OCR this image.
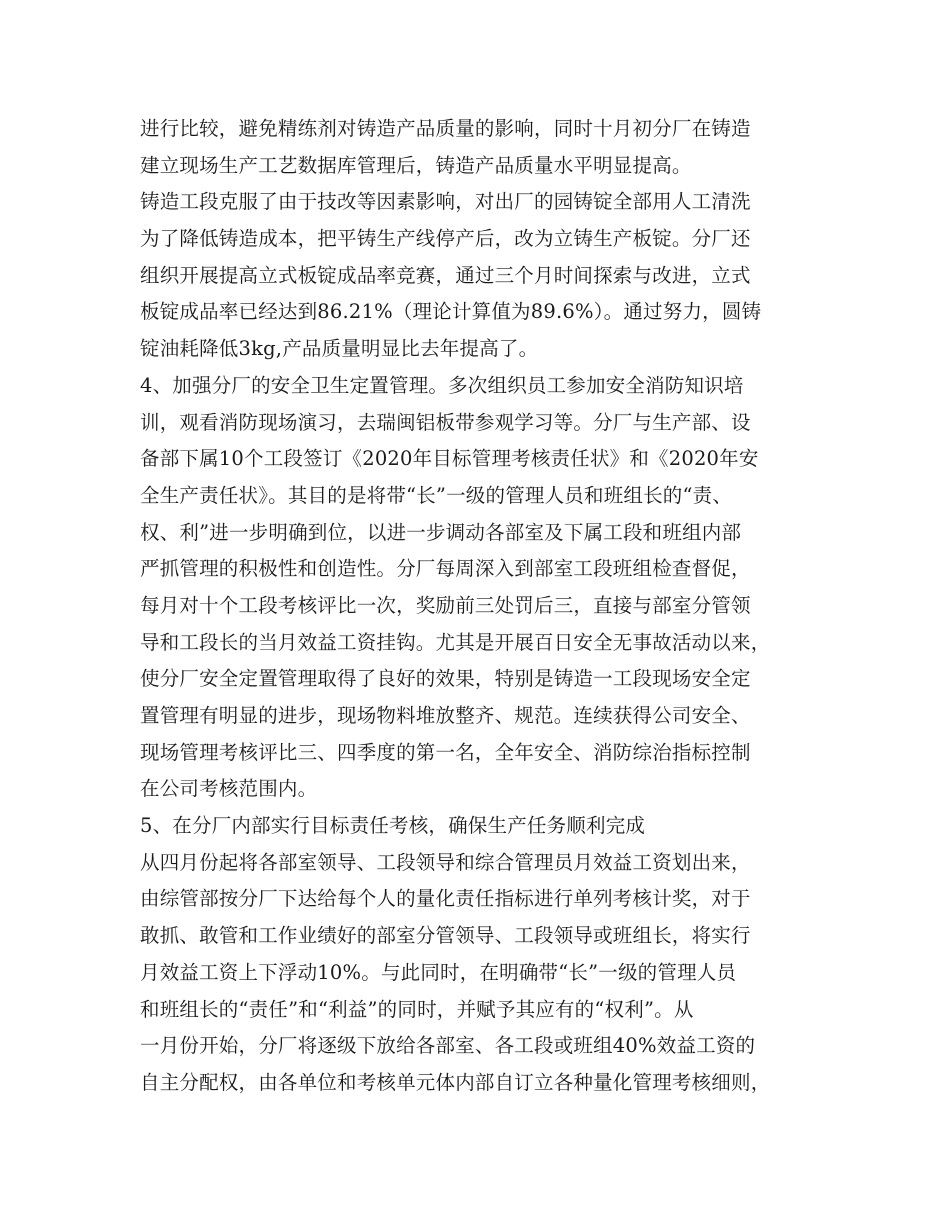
进行比较，避免精练剂对铸造产品质量的影响，同时十月初分厂在铸造
建立现场生产工艺数据库管理后，铸造产品质量水平明显提高。
铸造工段克服了由于技改等因素影响，对出厂的园铸锭全部用人工清洗
为了降低铸造成本，把平铸生产线停产后，改为立铸生产板锭。分厂还
组织开展提高立式板锭成品率竞赛，通过三个月时间探索与改进，立式
板锭成品率已经达到86.21%（理论计算值为89.6%）。通过努力，圆铸
锭油耗降低3kg,产品质量明显比去年提高了。
4、加强分厂的安全卫生定置管理。多次组织员工参加安全消防知识培
训，观看消防现场演习，去瑞闽铝板带参观学习等。分厂与生产部、设
备部下属10个工段签订《2020年目标管理考核责任状》和《2020年安
全生产责任状》。其目的是将带“长”一级的管理人员和班组长的“责、
权、利”进一步明确到位，以进一步调动各部室及下属工段和班组内部
严抓管理的积极性和创造性。分厂每周深入到部室工段班组检查督促，
每月对十个工段考核评比一次，奖励前三处罚后三，直接与部室分管领
导和工段长的当月效益工资挂钩。尤其是开展百日安全无事故活动以来，
使分厂安全定置管理取得了良好的效果，特别是铸造一工段现场安全定
置管理有明显的进步，现场物料堆放整齐、规范。连续获得公司安全、
现场管理考核评比三、四季度的第一名，全年安全、消防综治指标控制
在公司考核范围内。
5、在分厂内部实行目标责任考核，确保生产任务顺利完成
从四月份起将各部室领导、工段领导和综合管理员月效益工资划出来，
由综管部按分厂下达给每个人的量化责任指标进行单列考核计奖，对于
敢抓、敢管和工作业绩好的部室分管领导、工段领导或班组长，将实行
月效益工资上下浮动10%。与此同时，在明确带“长”一级的管理人员
和班组长的“责任”和“利益”的同时，并赋予其应有的“权利”。从
一月份开始，分厂将逐级下放给各部室、各工段或班组40%效益工资的
自主分配权，由各单位和考核单元体内部自订立各种量化管理考核细则，
